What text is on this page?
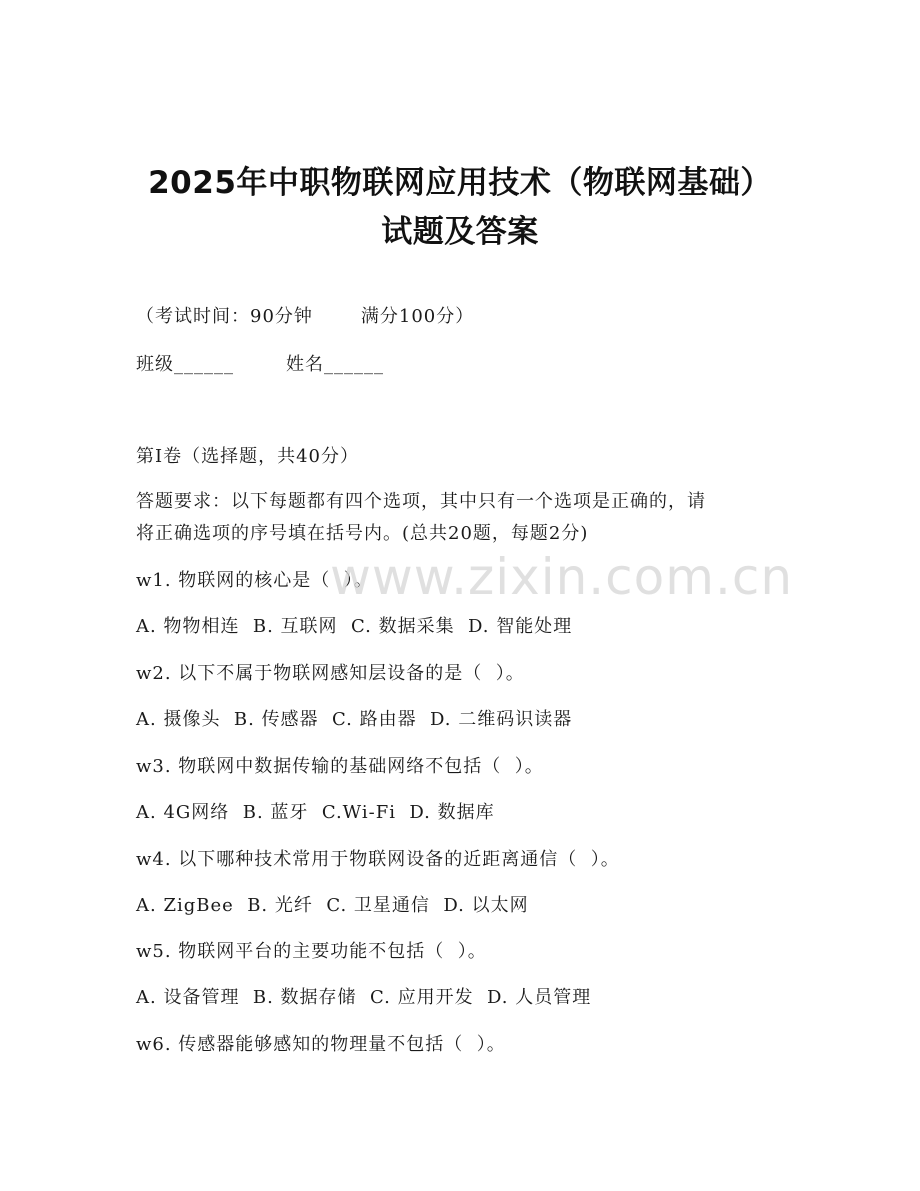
2025年中职物联网应用技术（物联网基础）
试题及答案
（考试时间：90分钟	满分100分）
班级______	姓名______
第I卷（选择题，共40分）
答题要求：以下每题都有四个选项，其中只有一个选项是正确的，请
将正确选项的序号填在括号内。(总共20题，每题2分)
w1. 物联网的核心是（  ）。
A. 物物相连  B. 互联网  C. 数据采集  D. 智能处理
w2. 以下不属于物联网感知层设备的是（  ）。
A. 摄像头  B. 传感器  C. 路由器  D. 二维码识读器
w3. 物联网中数据传输的基础网络不包括（  ）。
A. 4G网络  B. 蓝牙  C.Wi-Fi  D. 数据库
w4. 以下哪种技术常用于物联网设备的近距离通信（  ）。
A. ZigBee  B. 光纤  C. 卫星通信  D. 以太网
w5. 物联网平台的主要功能不包括（  ）。
A. 设备管理  B. 数据存储  C. 应用开发  D. 人员管理
w6. 传感器能够感知的物理量不包括（  ）。
www.zixin.com.cn
